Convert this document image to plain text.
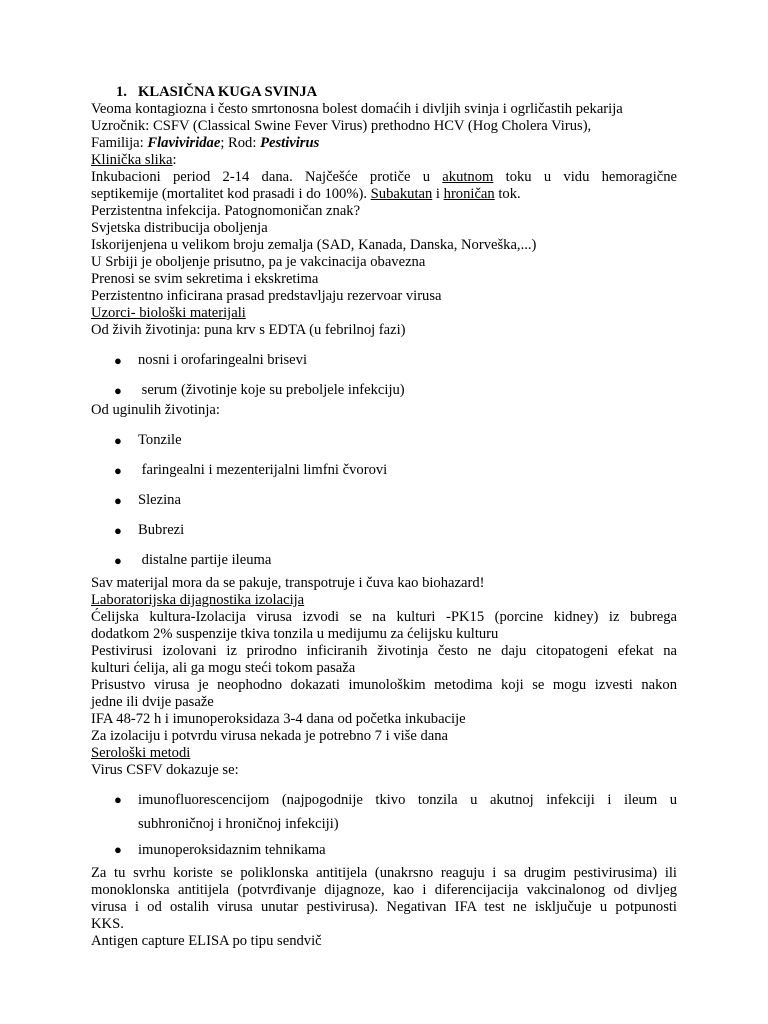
1. KLASIČNA KUGA SVINJA
Veoma kontagiozna i često smrtonosna bolest domaćih i divljih svinja i ogrličastih pekarija
Uzročnik: CSFV (Classical Swine Fever Virus) prethodno HCV (Hog Cholera Virus),
Familija: Flaviviridae; Rod: Pestivirus
Klinička slika:
Inkubacioni period 2-14 dana. Najčešće protiče u akutnom toku u vidu hemoragične
septikemije (mortalitet kod prasadi i do 100%). Subakutan i hroničan tok.
Perzistentna infekcija. Patognomoničan znak?
Svjetska distribucija oboljenja
Iskorijenjena u velikom broju zemalja (SAD, Kanada, Danska, Norveška,...)
U Srbiji je oboljenje prisutno, pa je vakcinacija obavezna
Prenosi se svim sekretima i ekskretima
Perzistentno inficirana prasad predstavljaju rezervoar virusa
Uzorci- biološki materijali
Od živih životinja: puna krv s EDTA (u febrilnoj fazi)
● nosni i orofaringealni brisevi
● serum (životinje koje su preboljele infekciju)
Od uginulih životinja:
● Tonzile
● faringealni i mezenterijalni limfni čvorovi
● Slezina
● Bubrezi
● distalne partije ileuma
Sav materijal mora da se pakuje, transpotruje i čuva kao biohazard!
Laboratorijska dijagnostika izolacija
Ćelijska kultura-Izolacija virusa izvodi se na kulturi -PK15 (porcine kidney) iz bubrega
dodatkom 2% suspenzije tkiva tonzila u medijumu za ćelijsku kulturu
Pestivirusi izolovani iz prirodno inficiranih životinja često ne daju citopatogeni efekat na
kulturi ćelija, ali ga mogu steći tokom pasaža
Prisustvo virusa je neophodno dokazati imunološkim metodima koji se mogu izvesti nakon
jedne ili dvije pasaže
IFA 48-72 h i imunoperoksidaza 3-4 dana od početka inkubacije
Za izolaciju i potvrdu virusa nekada je potrebno 7 i više dana
Serološki metodi
Virus CSFV dokazuje se:
● imunofluorescencijom (najpogodnije tkivo tonzila u akutnoj infekciji i ileum u
subhroničnoj i hroničnoj infekciji)
● imunoperoksidaznim tehnikama
Za tu svrhu koriste se poliklonska antitijela (unakrsno reaguju i sa drugim pestivirusima) ili
monoklonska antitijela (potvrđivanje dijagnoze, kao i diferencijacija vakcinalonog od divljeg
virusa i od ostalih virusa unutar pestivirusa). Negativan IFA test ne isključuje u potpunosti
KKS.
Antigen capture ELISA po tipu sendvič
